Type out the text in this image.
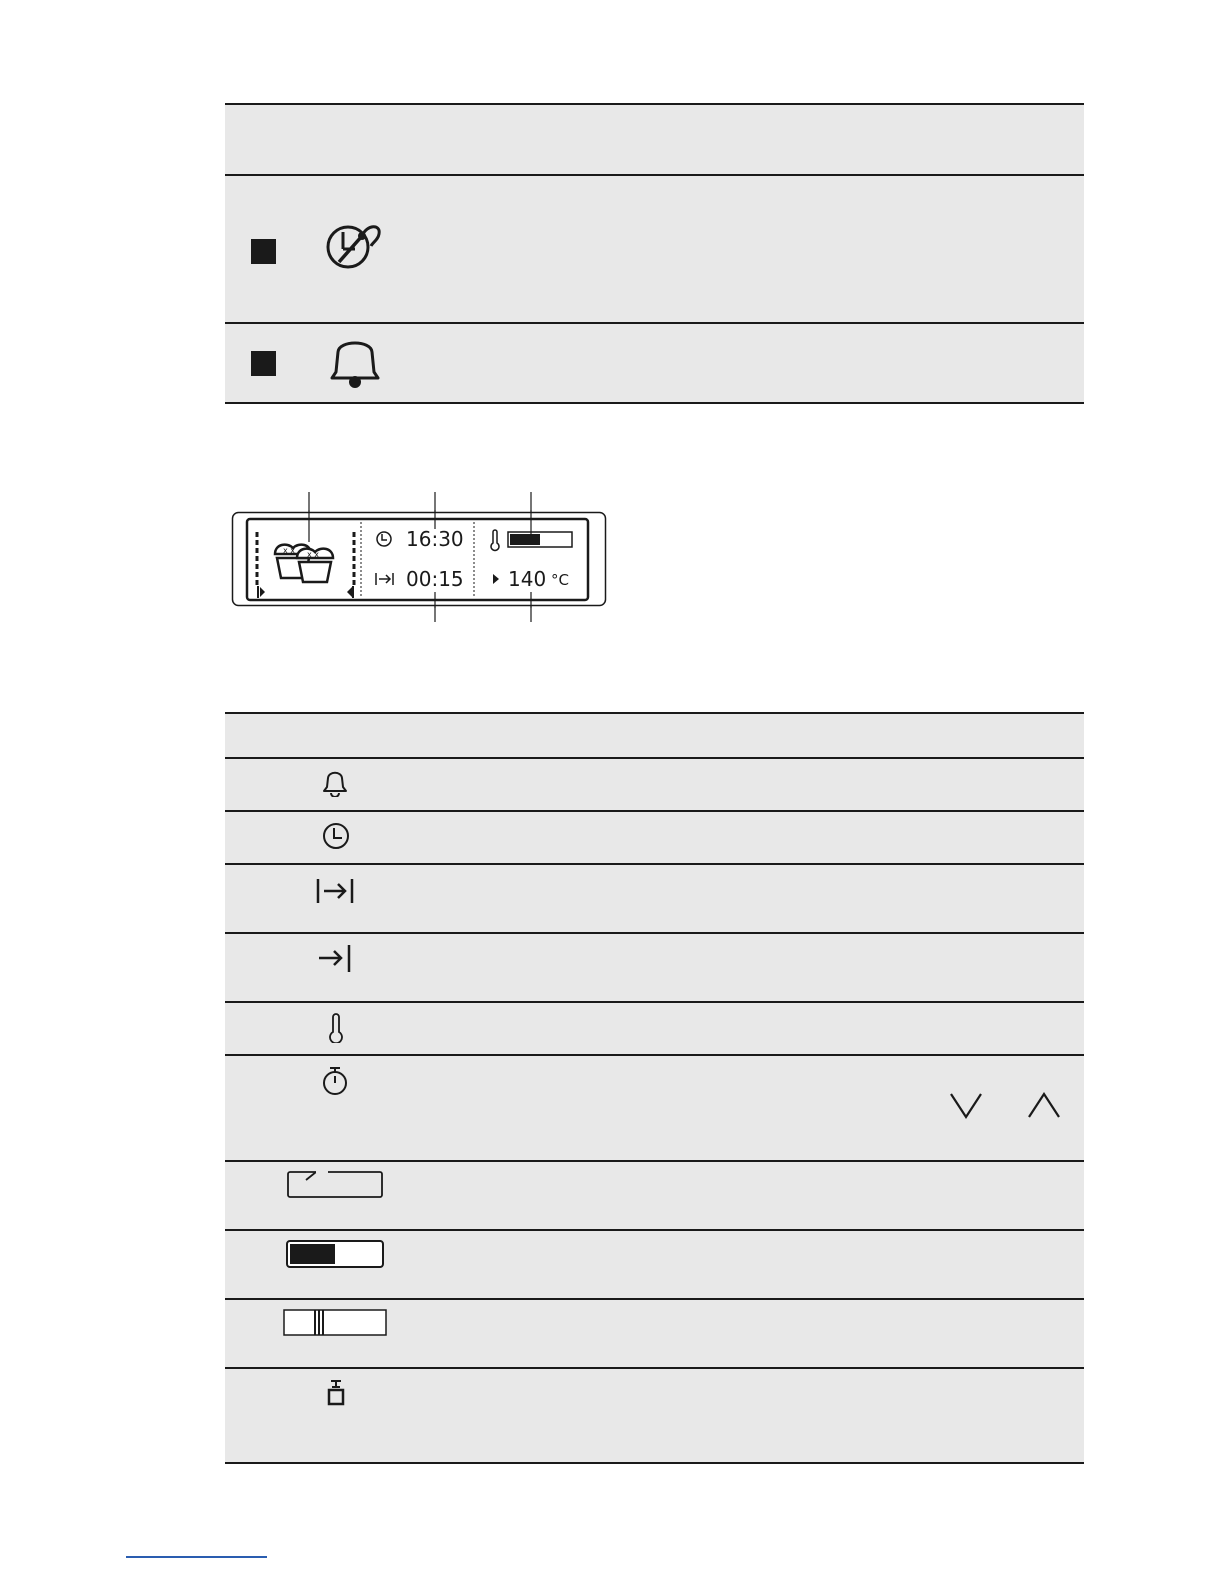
x x x x
16:30
00:15 140 °C
